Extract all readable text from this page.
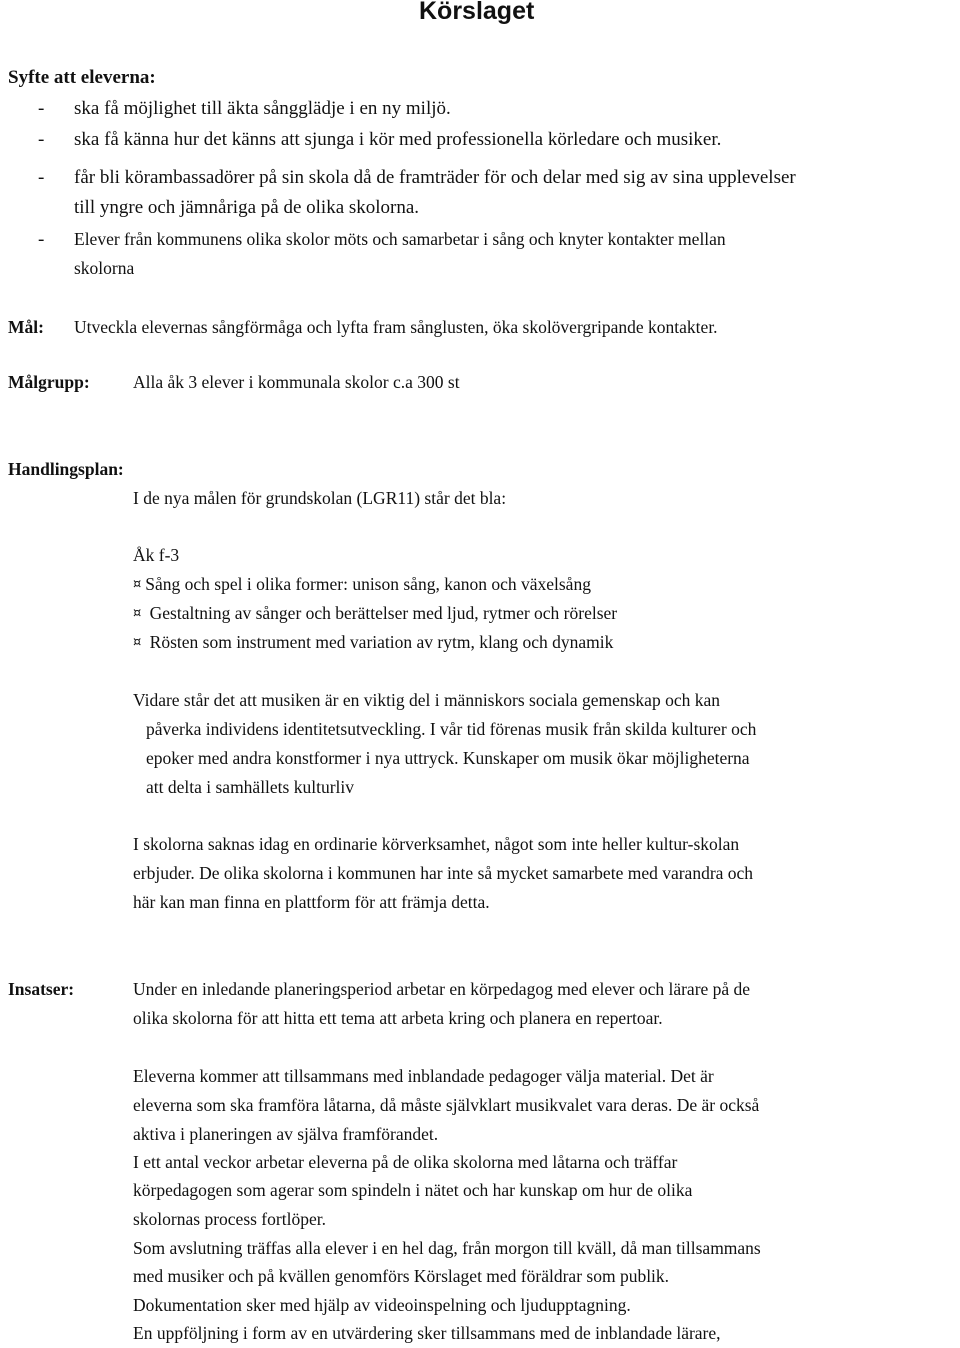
Körslaget
Syfte att eleverna:
- ska få möjlighet till äkta sångglädje i en ny miljö.
- ska få känna hur det känns att sjunga i kör med professionella körledare och musiker.
- får bli körambassadörer på sin skola då de framträder för och delar med sig av sina upplevelser
till yngre och jämnåriga på de olika skolorna.
- Elever från kommunens olika skolor möts och samarbetar i sång och knyter kontakter mellan
skolorna
Mål: Utveckla elevernas sångförmåga och lyfta fram sånglusten, öka skolövergripande kontakter.
Målgrupp: Alla åk 3 elever i kommunala skolor c.a 300 st
Handlingsplan:
I de nya målen för grundskolan (LGR11) står det bla:
Åk f-3
¤ Sång och spel i olika former: unison sång, kanon och växelsång
¤ Gestaltning av sånger och berättelser med ljud, rytmer och rörelser
¤ Rösten som instrument med variation av rytm, klang och dynamik
Vidare står det att musiken är en viktig del i människors sociala gemenskap och kan
påverka individens identitetsutveckling. I vår tid förenas musik från skilda kulturer och
epoker med andra konstformer i nya uttryck. Kunskaper om musik ökar möjligheterna
att delta i samhällets kulturliv
I skolorna saknas idag en ordinarie körverksamhet, något som inte heller kultur-skolan
erbjuder. De olika skolorna i kommunen har inte så mycket samarbete med varandra och
här kan man finna en plattform för att främja detta.
Insatser:	Under en inledande planeringsperiod arbetar en körpedagog med elever och lärare på de
olika skolorna för att hitta ett tema att arbeta kring och planera en repertoar.
Eleverna kommer att tillsammans med inblandade pedagoger välja material. Det är
eleverna som ska framföra låtarna, då måste självklart musikvalet vara deras. De är också
aktiva i planeringen av själva framförandet.
I ett antal veckor arbetar eleverna på de olika skolorna med låtarna och träffar
körpedagogen som agerar som spindeln i nätet och har kunskap om hur de olika
skolornas process fortlöper.
Som avslutning träffas alla elever i en hel dag, från morgon till kväll, då man tillsammans
med musiker och på kvällen genomförs Körslaget med föräldrar som publik.
Dokumentation sker med hjälp av videoinspelning och ljudupptagning.
En uppföljning i form av en utvärdering sker tillsammans med de inblandade lärare,
